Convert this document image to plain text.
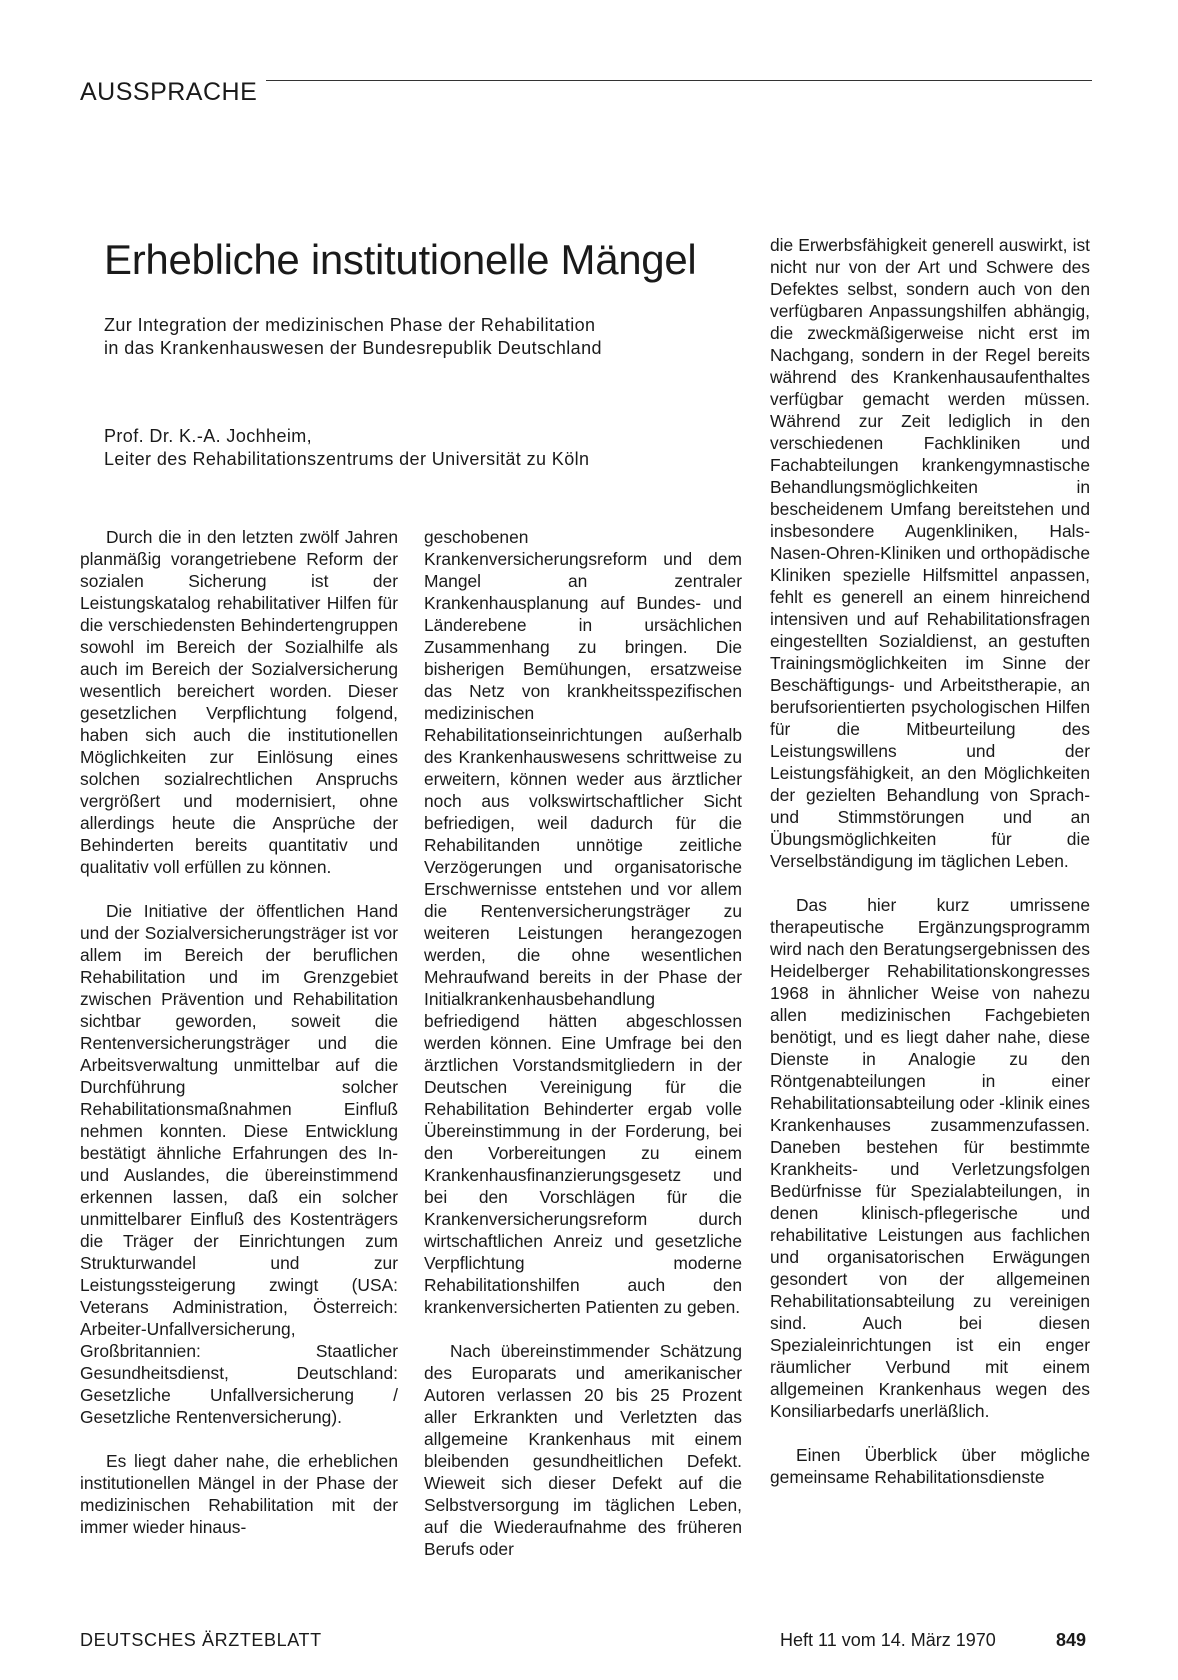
AUSSPRACHE
Erhebliche institutionelle Mängel
Zur Integration der medizinischen Phase der Rehabilitation
in das Krankenhauswesen der Bundesrepublik Deutschland
Prof. Dr. K.-A. Jochheim,
Leiter des Rehabilitationszentrums der Universität zu Köln

Durch die in den letzten zwölf Jahren planmäßig vorangetriebene Reform der sozialen Sicherung ist der Leistungskatalog rehabilitativer Hilfen für die verschiedensten Behindertengruppen sowohl im Bereich der Sozialhilfe als auch im Bereich der Sozialversicherung wesentlich bereichert worden. Dieser gesetzlichen Verpflichtung folgend, haben sich auch die institutionellen Möglichkeiten zur Einlösung eines solchen sozialrechtlichen Anspruchs vergrößert und modernisiert, ohne allerdings heute die Ansprüche der Behinderten bereits quantitativ und qualitativ voll erfüllen zu können.

Die Initiative der öffentlichen Hand und der Sozialversicherungsträger ist vor allem im Bereich der beruflichen Rehabilitation und im Grenzgebiet zwischen Prävention und Rehabilitation sichtbar geworden, soweit die Rentenversicherungsträger und die Arbeitsverwaltung unmittelbar auf die Durchführung solcher Rehabilitationsmaßnahmen Einfluß nehmen konnten. Diese Entwicklung bestätigt ähnliche Erfahrungen des In- und Auslandes, die übereinstimmend erkennen lassen, daß ein solcher unmittelbarer Einfluß des Kostenträgers die Träger der Einrichtungen zum Strukturwandel und zur Leistungssteigerung zwingt (USA: Veterans Administration, Österreich: Arbeiter-Unfallversicherung, Großbritannien: Staatlicher Gesundheitsdienst, Deutschland: Gesetzliche Unfallversicherung / Gesetzliche Rentenversicherung).

Es liegt daher nahe, die erheblichen institutionellen Mängel in der Phase der medizinischen Rehabilitation mit der immer wieder hinaus-

geschobenen Krankenversicherungsreform und dem Mangel an zentraler Krankenhausplanung auf Bundes- und Länderebene in ursächlichen Zusammenhang zu bringen. Die bisherigen Bemühungen, ersatzweise das Netz von krankheitsspezifischen medizinischen Rehabilitationseinrichtungen außerhalb des Krankenhauswesens schrittweise zu erweitern, können weder aus ärztlicher noch aus volkswirtschaftlicher Sicht befriedigen, weil dadurch für die Rehabilitanden unnötige zeitliche Verzögerungen und organisatorische Erschwernisse entstehen und vor allem die Rentenversicherungsträger zu weiteren Leistungen herangezogen werden, die ohne wesentlichen Mehraufwand bereits in der Phase der Initialkrankenhausbehandlung befriedigend hätten abgeschlossen werden können. Eine Umfrage bei den ärztlichen Vorstandsmitgliedern in der Deutschen Vereinigung für die Rehabilitation Behinderter ergab volle Übereinstimmung in der Forderung, bei den Vorbereitungen zu einem Krankenhausfinanzierungsgesetz und bei den Vorschlägen für die Krankenversicherungsreform durch wirtschaftlichen Anreiz und gesetzliche Verpflichtung moderne Rehabilitationshilfen auch den krankenversicherten Patienten zu geben.

Nach übereinstimmender Schätzung des Europarats und amerikanischer Autoren verlassen 20 bis 25 Prozent aller Erkrankten und Verletzten das allgemeine Krankenhaus mit einem bleibenden gesundheitlichen Defekt. Wieweit sich dieser Defekt auf die Selbstversorgung im täglichen Leben, auf die Wiederaufnahme des früheren Berufs oder

die Erwerbsfähigkeit generell auswirkt, ist nicht nur von der Art und Schwere des Defektes selbst, sondern auch von den verfügbaren Anpassungshilfen abhängig, die zweckmäßigerweise nicht erst im Nachgang, sondern in der Regel bereits während des Krankenhausaufenthaltes verfügbar gemacht werden müssen. Während zur Zeit lediglich in den verschiedenen Fachkliniken und Fachabteilungen krankengymnastische Behandlungsmöglichkeiten in bescheidenem Umfang bereitstehen und insbesondere Augenkliniken, Hals-Nasen-Ohren-Kliniken und orthopädische Kliniken spezielle Hilfsmittel anpassen, fehlt es generell an einem hinreichend intensiven und auf Rehabilitationsfragen eingestellten Sozialdienst, an gestuften Trainingsmöglichkeiten im Sinne der Beschäftigungs- und Arbeitstherapie, an berufsorientierten psychologischen Hilfen für die Mitbeurteilung des Leistungswillens und der Leistungsfähigkeit, an den Möglichkeiten der gezielten Behandlung von Sprach- und Stimmstörungen und an Übungsmöglichkeiten für die Verselbständigung im täglichen Leben.

Das hier kurz umrissene therapeutische Ergänzungsprogramm wird nach den Beratungsergebnissen des Heidelberger Rehabilitationskongresses 1968 in ähnlicher Weise von nahezu allen medizinischen Fachgebieten benötigt, und es liegt daher nahe, diese Dienste in Analogie zu den Röntgenabteilungen in einer Rehabilitationsabteilung oder -klinik eines Krankenhauses zusammenzufassen. Daneben bestehen für bestimmte Krankheits- und Verletzungsfolgen Bedürfnisse für Spezialabteilungen, in denen klinisch-pflegerische und rehabilitative Leistungen aus fachlichen und organisatorischen Erwägungen gesondert von der allgemeinen Rehabilitationsabteilung zu vereinigen sind. Auch bei diesen Spezialeinrichtungen ist ein enger räumlicher Verbund mit einem allgemeinen Krankenhaus wegen des Konsiliarbedarfs unerläßlich.

Einen Überblick über mögliche gemeinsame Rehabilitationsdienste

DEUTSCHES ÄRZTEBLATT	Heft 11 vom 14. März 1970	849
